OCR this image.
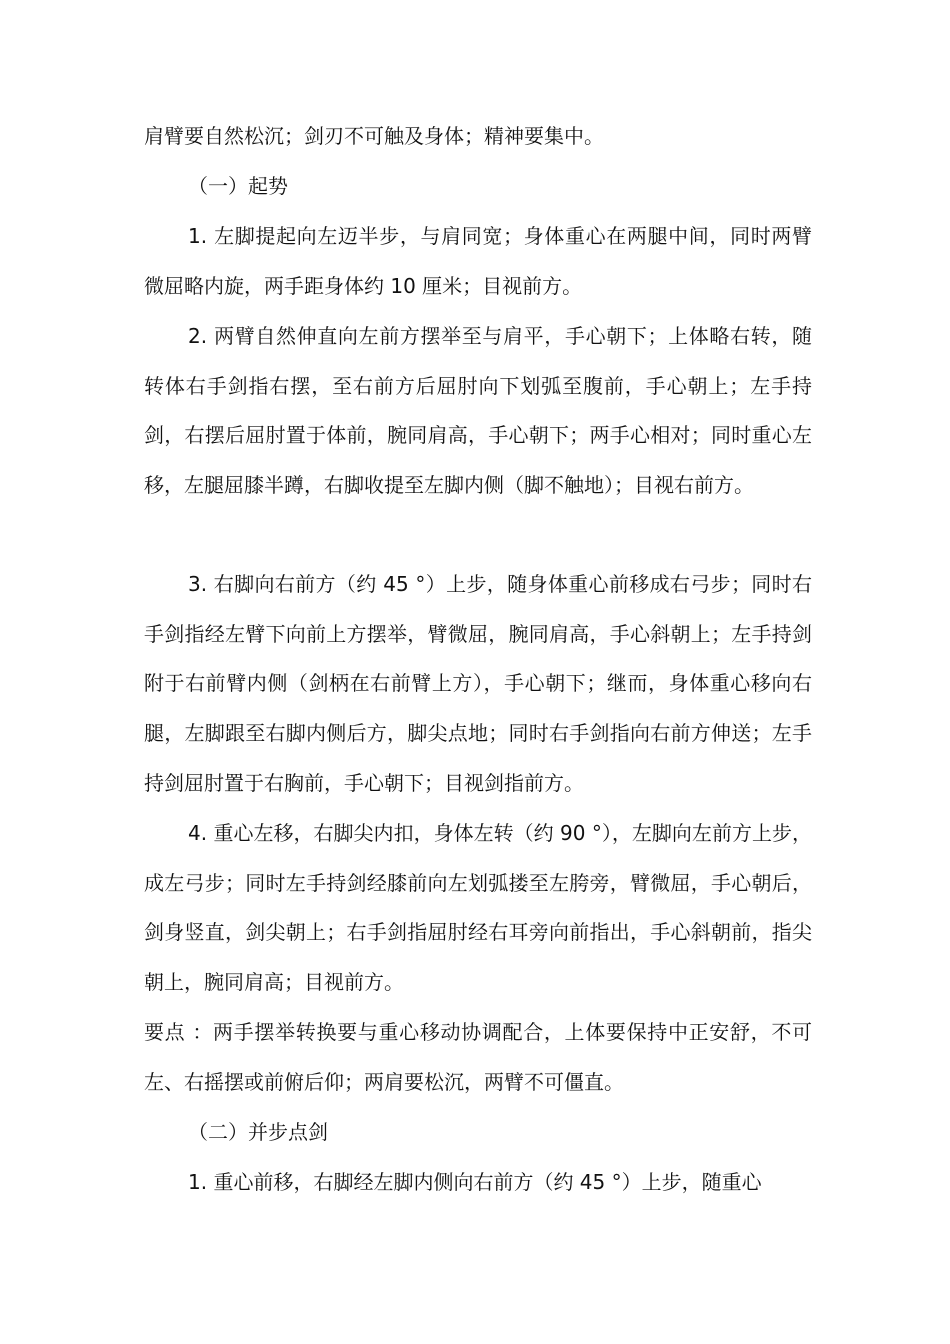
肩臂要自然松沉；剑刃不可触及身体；精神要集中。

（一）起势

1. 左脚提起向左迈半步，与肩同宽；身体重心在两腿中间，同时两臂微屈略内旋，两手距身体约 10 厘米；目视前方。

2. 两臂自然伸直向左前方摆举至与肩平，手心朝下；上体略右转，随转体右手剑指右摆，至右前方后屈肘向下划弧至腹前，手心朝上；左手持剑，右摆后屈肘置于体前，腕同肩高，手心朝下；两手心相对；同时重心左移，左腿屈膝半蹲，右脚收提至左脚内侧（脚不触地）；目视右前方。

3. 右脚向右前方（约 45 °）上步，随身体重心前移成右弓步；同时右手剑指经左臂下向前上方摆举，臂微屈，腕同肩高，手心斜朝上；左手持剑附于右前臂内侧（剑柄在右前臂上方），手心朝下；继而，身体重心移向右腿，左脚跟至右脚内侧后方，脚尖点地；同时右手剑指向右前方伸送；左手持剑屈肘置于右胸前，手心朝下；目视剑指前方。

4. 重心左移，右脚尖内扣，身体左转（约 90 °），左脚向左前方上步，成左弓步；同时左手持剑经膝前向左划弧搂至左胯旁，臂微屈，手心朝后，剑身竖直，剑尖朝上；右手剑指屈肘经右耳旁向前指出，手心斜朝前，指尖朝上，腕同肩高；目视前方。

要点 ：两手摆举转换要与重心移动协调配合，上体要保持中正安舒，不可左、右摇摆或前俯后仰；两肩要松沉，两臂不可僵直。

（二）并步点剑

1. 重心前移，右脚经左脚内侧向右前方（约 45 °）上步，随重心
